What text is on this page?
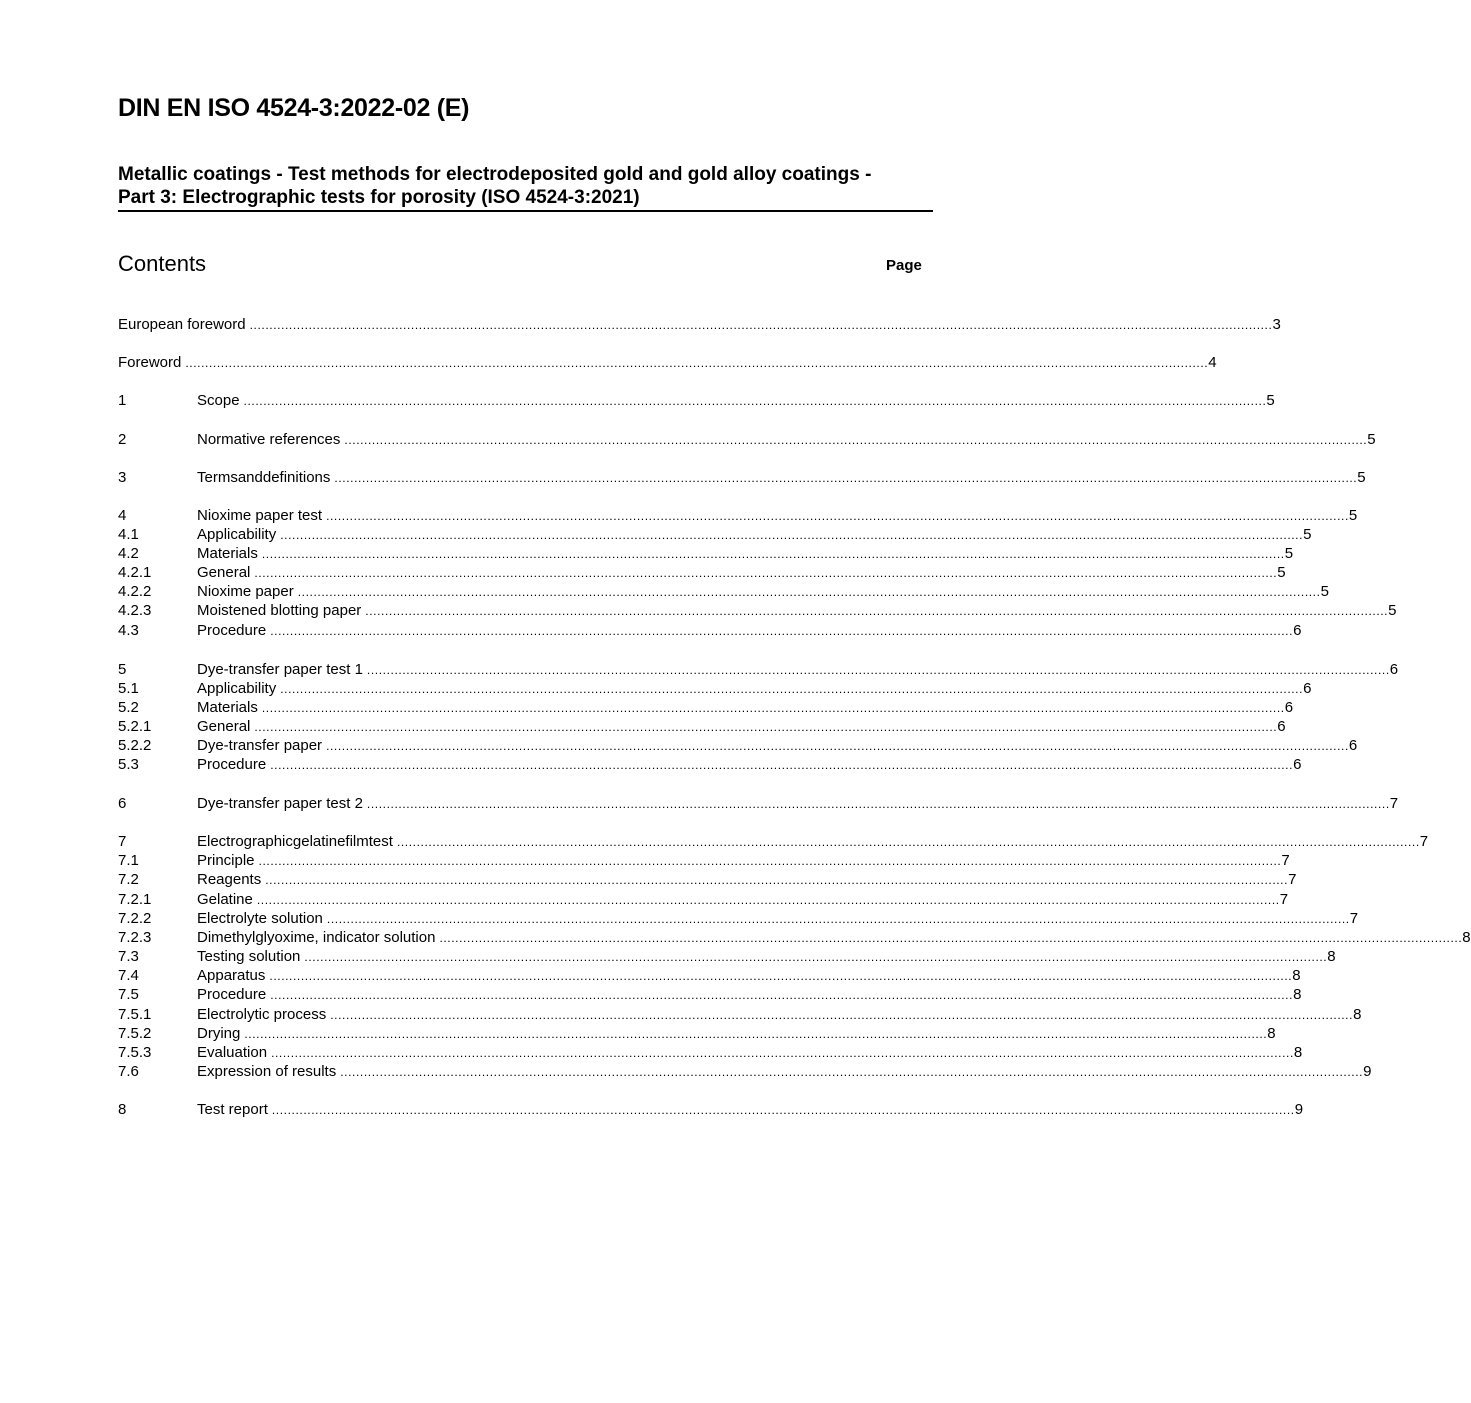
DIN EN ISO 4524-3:2022-02 (E)
Metallic coatings - Test methods for electrodeposited gold and gold alloy coatings -
Part 3: Electrographic tests for porosity (ISO 4524-3:2021)
Contents	Page
European foreword .................................................................................................................................................................................................................................................................... 3
Foreword .................................................................................................................................................................................................................................................................... 4
1	Scope .................................................................................................................................................................................................................................................................... 5
2	Normative references .................................................................................................................................................................................................................................................................... 5
3	Termsanddefinitions .................................................................................................................................................................................................................................................................... 5
4	Nioxime paper test .................................................................................................................................................................................................................................................................... 5
4.1	Applicability .................................................................................................................................................................................................................................................................... 5
4.2	Materials .................................................................................................................................................................................................................................................................... 5
4.2.1	General .................................................................................................................................................................................................................................................................... 5
4.2.2	Nioxime paper .................................................................................................................................................................................................................................................................... 5
4.2.3	Moistened blotting paper .................................................................................................................................................................................................................................................................... 5
4.3	Procedure .................................................................................................................................................................................................................................................................... 6
5	Dye-transfer paper test 1 .................................................................................................................................................................................................................................................................... 6
5.1	Applicability .................................................................................................................................................................................................................................................................... 6
5.2	Materials .................................................................................................................................................................................................................................................................... 6
5.2.1	General .................................................................................................................................................................................................................................................................... 6
5.2.2	Dye-transfer paper .................................................................................................................................................................................................................................................................... 6
5.3	Procedure .................................................................................................................................................................................................................................................................... 6
6	Dye-transfer paper test 2 .................................................................................................................................................................................................................................................................... 7
7	Electrographicgelatinefilmtest .................................................................................................................................................................................................................................................................... 7
7.1	Principle .................................................................................................................................................................................................................................................................... 7
7.2	Reagents .................................................................................................................................................................................................................................................................... 7
7.2.1	Gelatine .................................................................................................................................................................................................................................................................... 7
7.2.2	Electrolyte solution .................................................................................................................................................................................................................................................................... 7
7.2.3	Dimethylglyoxime, indicator solution .................................................................................................................................................................................................................................................................... 8
7.3	Testing solution .................................................................................................................................................................................................................................................................... 8
7.4	Apparatus .................................................................................................................................................................................................................................................................... 8
7.5	Procedure .................................................................................................................................................................................................................................................................... 8
7.5.1	Electrolytic process .................................................................................................................................................................................................................................................................... 8
7.5.2	Drying .................................................................................................................................................................................................................................................................... 8
7.5.3	Evaluation .................................................................................................................................................................................................................................................................... 8
7.6	Expression of results .................................................................................................................................................................................................................................................................... 9
8	Test report .................................................................................................................................................................................................................................................................... 9
